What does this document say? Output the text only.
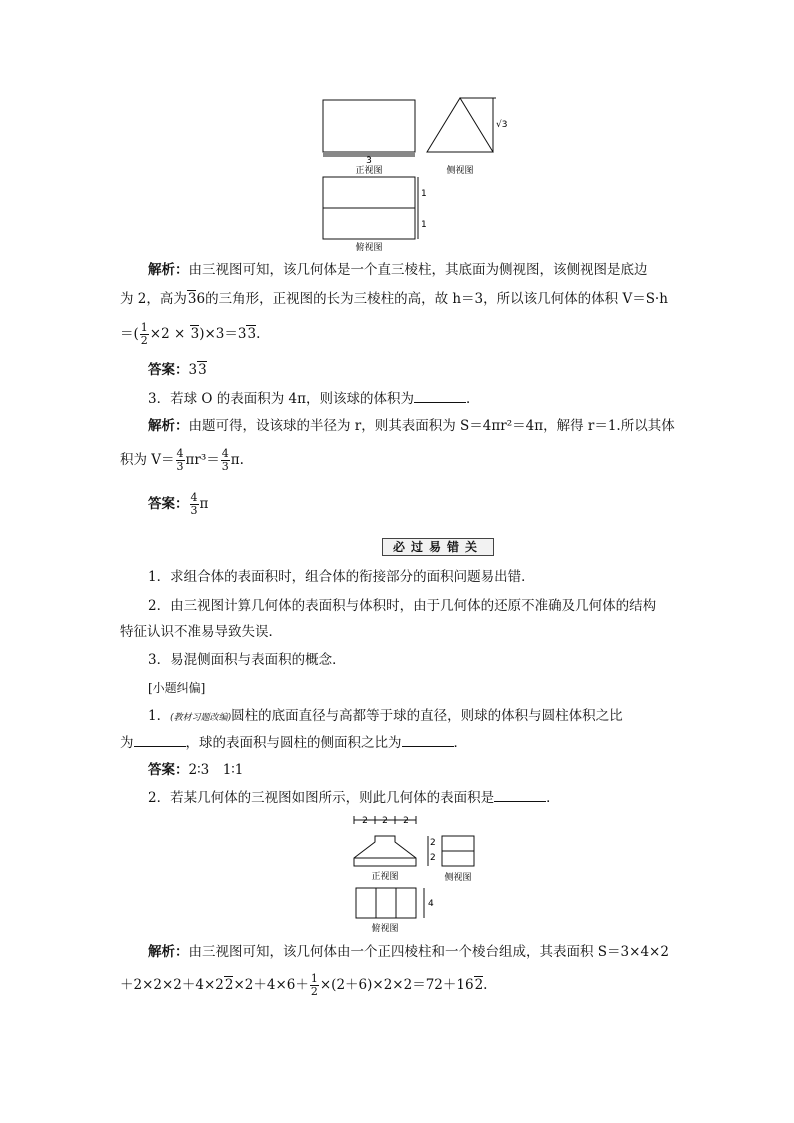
3
正视图
√3
侧视图
1
1
俯视图
解析：由三视图可知，该几何体是一个直三棱柱，其底面为侧视图，该侧视图是底边
为 2，高为36的三角形，正视图的长为三棱柱的高，故 h＝3，所以该几何体的体积 V＝S·h
＝( $\frac{1}{2} \times 2 \times 3)\times 3=33$.
答案：33
3．若球 O 的表面积为 4π，则该球的体积为	．
解析：由题可得，设该球的半径为 r，则其表面积为 S＝4πr²＝4π，解得 r＝1.所以其体
积为 $V= \frac{4}{3} \pi r^3= \frac{4}{3} \pi$.
答案： $\frac{4}{3}$ π
必过易错关
1．求组合体的表面积时，组合体的衔接部分的面积问题易出错．
2．由三视图计算几何体的表面积与体积时，由于几何体的还原不准确及几何体的结构
特征认识不准易导致失误．
3．易混侧面积与表面积的概念．
[小题纠偏]
1．(教材习题改编)圆柱的底面直径与高都等于球的直径，则球的体积与圆柱体积之比
为	，球的表面积与圆柱的侧面积之比为	．
答案：2∶3　1∶1
2．若某几何体的三视图如图所示，则此几何体的表面积是	．
2 2 2
2
2
正视图	侧视图
4
俯视图
解析：由三视图可知，该几何体由一个正四棱柱和一个棱台组成，其表面积 S＝3×4×2
$+2\times 2\times 2+4\times 22\times 2+4\times 6+ \frac{1}{2} \times(2+6)\times 2\times 2=72+162$.
